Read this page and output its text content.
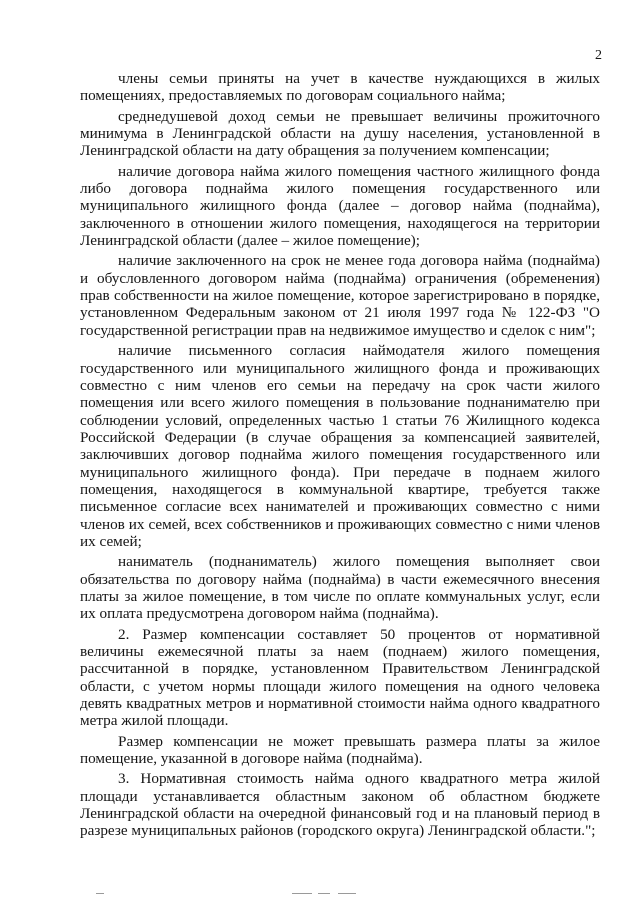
2

члены семьи приняты на учет в качестве нуждающихся в жилых помещениях, предоставляемых по договорам социального найма;

среднедушевой доход семьи не превышает величины прожиточного минимума в Ленинградской области на душу населения, установленной в Ленинградской области на дату обращения за получением компенсации;

наличие договора найма жилого помещения частного жилищного фонда либо договора поднайма жилого помещения государственного или муниципального жилищного фонда (далее – договор найма (поднайма), заключенного в отношении жилого помещения, находящегося на территории Ленинградской области (далее – жилое помещение);

наличие заключенного на срок не менее года договора найма (поднайма) и обусловленного договором найма (поднайма) ограничения (обременения) прав собственности на жилое помещение, которое зарегистрировано в порядке, установленном Федеральным законом от 21 июля 1997 года № 122-ФЗ "О государственной регистрации прав на недвижимое имущество и сделок с ним";

наличие письменного согласия наймодателя жилого помещения государственного или муниципального жилищного фонда и проживающих совместно с ним членов его семьи на передачу на срок части жилого помещения или всего жилого помещения в пользование поднанимателю при соблюдении условий, определенных частью 1 статьи 76 Жилищного кодекса Российской Федерации (в случае обращения за компенсацией заявителей, заключивших договор поднайма жилого помещения государственного или муниципального жилищного фонда). При передаче в поднаем жилого помещения, находящегося в коммунальной квартире, требуется также письменное согласие всех нанимателей и проживающих совместно с ними членов их семей, всех собственников и проживающих совместно с ними членов их семей;

наниматель (поднаниматель) жилого помещения выполняет свои обязательства по договору найма (поднайма) в части ежемесячного внесения платы за жилое помещение, в том числе по оплате коммунальных услуг, если их оплата предусмотрена договором найма (поднайма).

2. Размер компенсации составляет 50 процентов от нормативной величины ежемесячной платы за наем (поднаем) жилого помещения, рассчитанной в порядке, установленном Правительством Ленинградской области, с учетом нормы площади жилого помещения на одного человека девять квадратных метров и нормативной стоимости найма одного квадратного метра жилой площади.

Размер компенсации не может превышать размера платы за жилое помещение, указанной в договоре найма (поднайма).

3. Нормативная стоимость найма одного квадратного метра жилой площади устанавливается областным законом об областном бюджете Ленинградской области на очередной финансовый год и на плановый период в разрезе муниципальных районов (городского округа) Ленинградской области.";
